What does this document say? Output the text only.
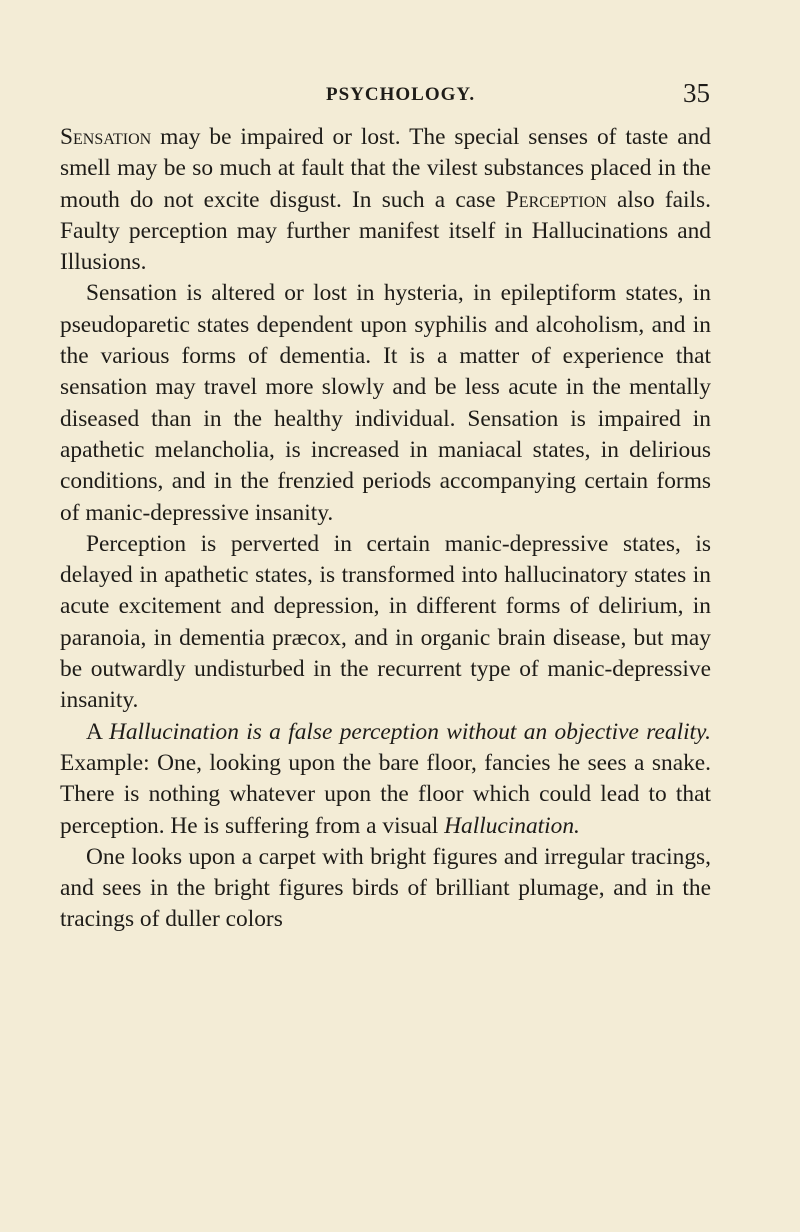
PSYCHOLOGY.	35

Sensation may be impaired or lost. The special senses of taste and smell may be so much at fault that the vilest substances placed in the mouth do not excite disgust. In such a case Perception also fails. Faulty perception may further manifest itself in Hallucinations and Illusions.

Sensation is altered or lost in hysteria, in epileptiform states, in pseudoparetic states dependent upon syphilis and alcoholism, and in the various forms of dementia. It is a matter of experience that sensation may travel more slowly and be less acute in the mentally diseased than in the healthy individual. Sensation is impaired in apathetic melancholia, is increased in maniacal states, in delirious conditions, and in the frenzied periods accompanying certain forms of manic-depressive insanity.

Perception is perverted in certain manic-depressive states, is delayed in apathetic states, is transformed into hallucinatory states in acute excitement and depression, in different forms of delirium, in paranoia, in dementia præcox, and in organic brain disease, but may be outwardly undisturbed in the recurrent type of manic-depressive insanity.

A Hallucination is a false perception without an objective reality. Example: One, looking upon the bare floor, fancies he sees a snake. There is nothing whatever upon the floor which could lead to that perception. He is suffering from a visual Hallucination.

One looks upon a carpet with bright figures and irregular tracings, and sees in the bright figures birds of brilliant plumage, and in the tracings of duller colors
